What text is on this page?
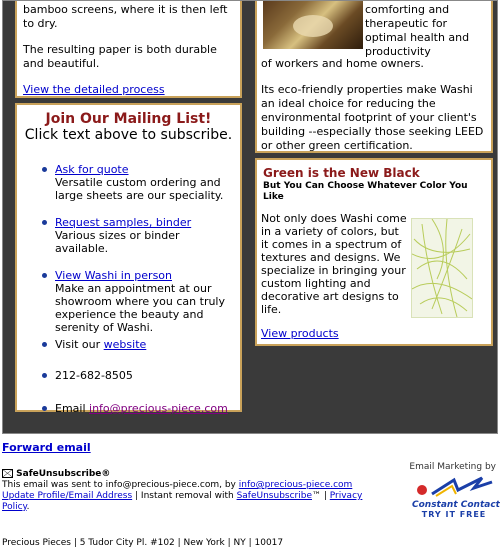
bamboo screens, where it is then left to dry.

The resulting paper is both durable and beautiful.

View the detailed process
Join Our Mailing List!
Click text above to subscribe.
Ask for quote
Versatile custom ordering and large sheets are our speciality.
Request samples, binder
Various sizes or binder available.
View Washi in person
Make an appointment at our showroom where you can truly experience the beauty and serenity of Washi.
Visit our website
212-682-8505
Email info@precious-piece.com
comforting and therapeutic for optimal health and productivity
of workers and home owners.
Its eco-friendly properties make Washi an ideal choice for reducing the environmental footprint of your client's building --especially those seeking LEED or other green certification.
Green is the New Black
But You Can Choose Whatever Color You Like
Not only does Washi come in a variety of colors, but it comes in a spectrum of textures and designs. We specialize in bringing your custom lighting and decorative art designs to life.
View products
Forward email
SafeUnsubscribe®
This email was sent to info@precious-piece.com, by info@precious-piece.com
Update Profile/Email Address | Instant removal with SafeUnsubscribe™ | Privacy Policy.
Precious Pieces | 5 Tudor City Pl. #102 | New York | NY | 10017
Email Marketing by
Constant Contact
TRY IT FREE
